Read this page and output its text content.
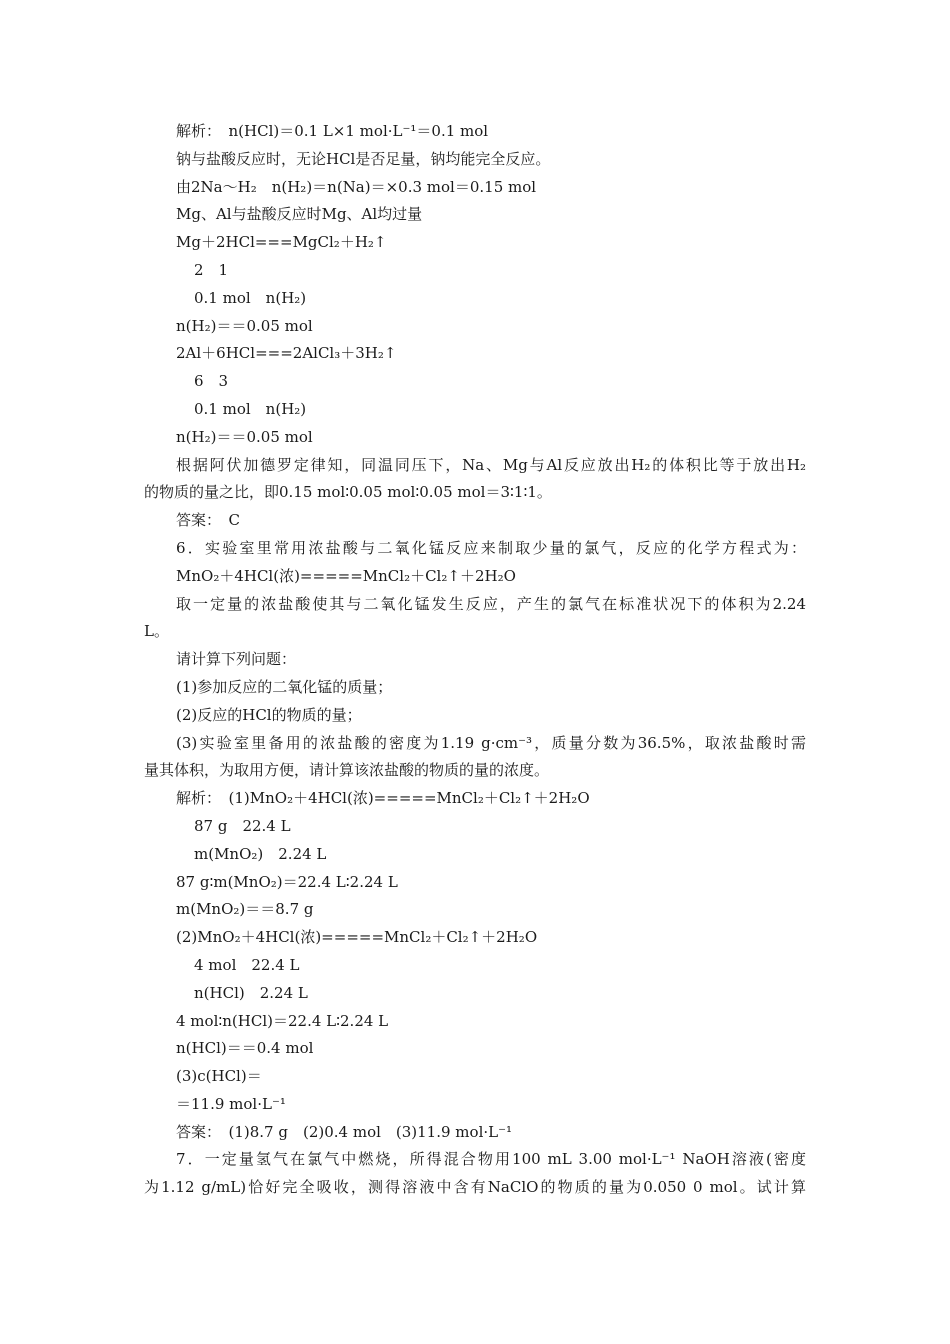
解析：　n(HCl)＝0.1 L×1 mol·L⁻¹＝0.1 mol
钠与盐酸反应时，无论HCl是否足量，钠均能完全反应。
由2Na～H₂　n(H₂)＝n(Na)＝×0.3 mol＝0.15 mol
Mg、Al与盐酸反应时Mg、Al均过量
Mg＋2HCl===MgCl₂＋H₂↑
2　1
0.1 mol　n(H₂)
n(H₂)＝＝0.05 mol
2Al＋6HCl===2AlCl₃＋3H₂↑
6　3
0.1 mol　n(H₂)
n(H₂)＝＝0.05 mol
根据阿伏加德罗定律知，同温同压下，Na、Mg与Al反应放出H₂的体积比等于放出H₂
的物质的量之比，即0.15 mol∶0.05 mol∶0.05 mol＝3∶1∶1。
答案：　C
6．实验室里常用浓盐酸与二氧化锰反应来制取少量的氯气，反应的化学方程式为：
MnO₂＋4HCl(浓)=====MnCl₂＋Cl₂↑＋2H₂O
取一定量的浓盐酸使其与二氧化锰发生反应，产生的氯气在标准状况下的体积为2.24
L。
请计算下列问题：
(1)参加反应的二氧化锰的质量；
(2)反应的HCl的物质的量；
(3)实验室里备用的浓盐酸的密度为1.19 g·cm⁻³，质量分数为36.5%，取浓盐酸时需
量其体积，为取用方便，请计算该浓盐酸的物质的量的浓度。
解析：　(1)MnO₂＋4HCl(浓)=====MnCl₂＋Cl₂↑＋2H₂O
87 g　22.4 L
m(MnO₂)　2.24 L
87 g∶m(MnO₂)＝22.4 L∶2.24 L
m(MnO₂)＝＝8.7 g
(2)MnO₂＋4HCl(浓)=====MnCl₂＋Cl₂↑＋2H₂O
4 mol　22.4 L
n(HCl)　2.24 L
4 mol∶n(HCl)＝22.4 L∶2.24 L
n(HCl)＝＝0.4 mol
(3)c(HCl)＝
＝11.9 mol·L⁻¹
答案：　(1)8.7 g　(2)0.4 mol　(3)11.9 mol·L⁻¹
7．一定量氢气在氯气中燃烧，所得混合物用100 mL 3.00 mol·L⁻¹ NaOH溶液(密度
为1.12 g/mL)恰好完全吸收，测得溶液中含有NaClO的物质的量为0.050 0 mol。试计算
